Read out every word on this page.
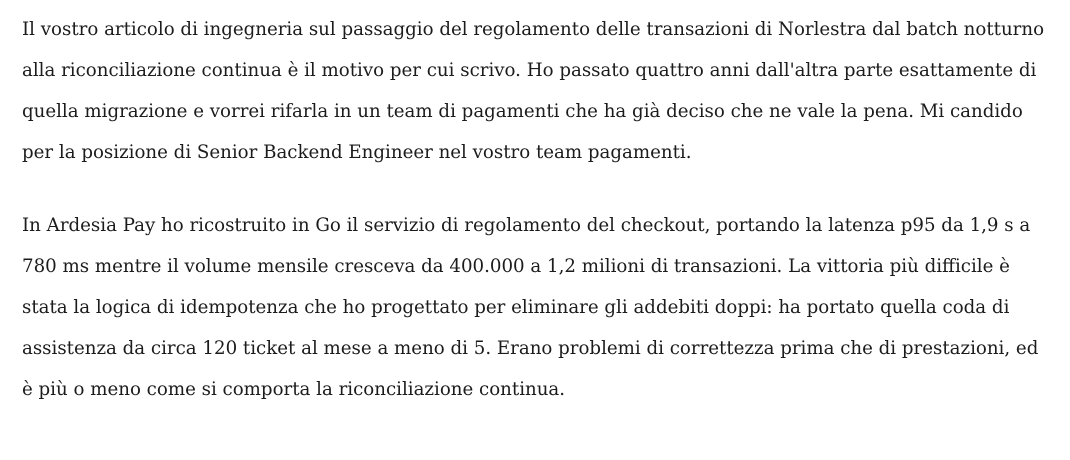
Il vostro articolo di ingegneria sul passaggio del regolamento delle transazioni di Norlestra dal batch notturno alla riconciliazione continua è il motivo per cui scrivo. Ho passato quattro anni dall'altra parte esattamente di quella migrazione e vorrei rifarla in un team di pagamenti che ha già deciso che ne vale la pena. Mi candido per la posizione di Senior Backend Engineer nel vostro team pagamenti.

In Ardesia Pay ho ricostruito in Go il servizio di regolamento del checkout, portando la latenza p95 da 1,9 s a 780 ms mentre il volume mensile cresceva da 400.000 a 1,2 milioni di transazioni. La vittoria più difficile è stata la logica di idempotenza che ho progettato per eliminare gli addebiti doppi: ha portato quella coda di assistenza da circa 120 ticket al mese a meno di 5. Erano problemi di correttezza prima che di prestazioni, ed è più o meno come si comporta la riconciliazione continua.
